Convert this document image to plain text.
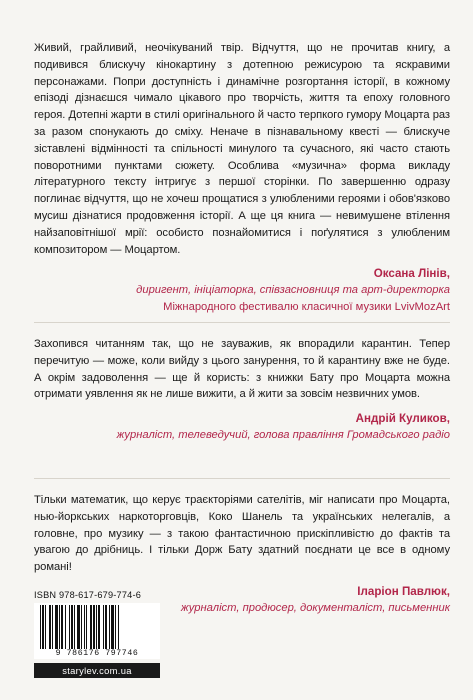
Живий, грайливий, неочікуваний твір. Відчуття, що не прочитав книгу, а подивився блискучу кінокартину з дотепною режисурою та яскравими персонажами. Попри доступність і динамічне розгортання історії, в кожному епізоді дізнаєшся чимало цікавого про творчість, життя та епоху головного героя. Дотепні жарти в стилі оригінального й часто терпкого гумору Моцарта раз за разом спонукають до сміху. Неначе в пізнавальному квесті — блискуче зіставлені відмінності та спільності минулого та сучасного, які часто стають поворотними пунктами сюжету. Особлива «музична» форма викладу літературного тексту інтригує з першої сторінки. По завершенню одразу поглинає відчуття, що не хочеш прощатися з улюбленими героями і обов'язково мусиш дізнатися продовження історії. А ще ця книга — невимушене втілення найзаповітнішої мрії: особисто познайомитися і поґулятися з улюбленим композитором — Моцартом.

Оксана Лінів,
диригент, ініціаторка, співзасновниця та арт-директорка
Міжнародного фестивалю класичної музики LvivMozArt

Захопився читанням так, що не зауважив, як впорадили карантин. Тепер перечитую — може, коли вийду з цього занурення, то й карантину вже не буде. А окрім задоволення — ще й користь: з книжки Бату про Моцарта можна отримати уявлення як не лише вижити, а й жити за зовсім незвичних умов.

Андрій Куликов,
журналіст, телеведучий, голова правління Громадського радіо

Тільки математик, що керує траєкторіями сателітів, міг написати про Моцарта, нью-йоркських наркоторговців, Коко Шанель та українських нелегалів, а головне, про музику — з такою фантастичною прискіпливістю до фактів та увагою до дрібниць. І тільки Дорж Бату здатний поєднати це все в одному романі!

Іларіон Павлюк,
журналіст, продюсер, документаліст, письменник
ISBN 978-617-679-774-6
9 786176 797746
starylev.com.ua
